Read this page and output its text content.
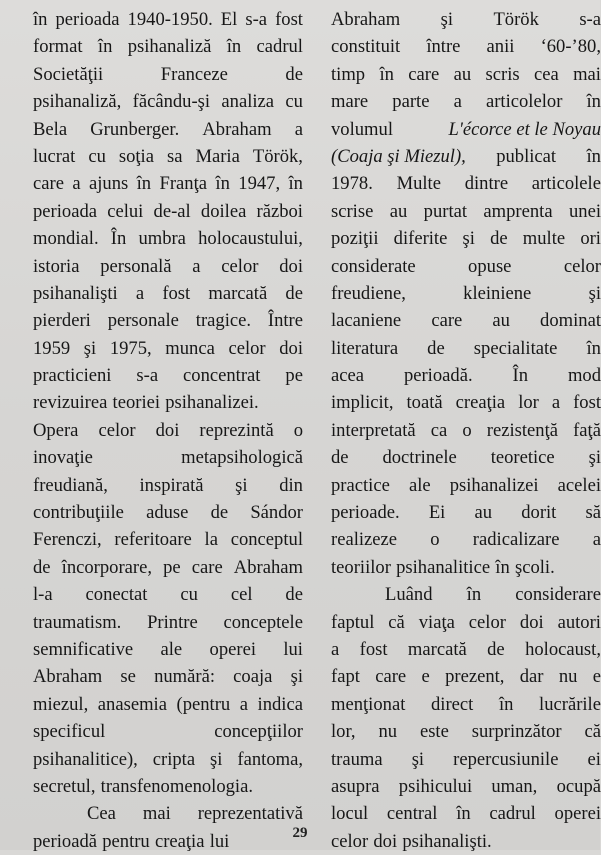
în perioada 1940-1950. El s-a fost
format în psihanaliză în cadrul
Societăţii	Franceze	de
psihanaliză, făcându-şi analiza cu
Bela Grunberger. Abraham a
lucrat cu soţia sa Maria Török,
care a ajuns în Franţa în 1947, în
perioada celui de-al doilea război
mondial. În umbra holocaustului,
istoria personală a celor doi
psihanalişti a fost marcată de
pierderi personale tragice. Între
1959 şi 1975, munca celor doi
practicieni s-a concentrat pe
revizuirea teoriei psihanalizei.
Opera celor doi reprezintă o
inovaţie	metapsihologică
freudiană, inspirată şi din
contribuţiile aduse de Sándor
Ferenczi, referitoare la conceptul
de încorporare, pe care Abraham
l-a conectat cu cel de
traumatism. Printre conceptele
semnificative ale operei lui
Abraham se numără: coaja şi
miezul, anasemia (pentru a indica
specificul	concepţiilor
psihanalitice), cripta şi fantoma,
secretul, transfenomenologia.
Cea mai reprezentativă
perioadă pentru creaţia lui
Abraham şi Török s-a
constituit între anii ‘60-’80,
timp în care au scris cea mai
mare parte a articolelor în
volumul	L'écorce et le Noyau
(Coaja şi Miezul), publicat în
1978. Multe dintre articolele
scrise au purtat amprenta unei
poziţii diferite şi de multe ori
considerate	opuse	celor
freudiene,	kleiniene	şi
lacaniene care au dominat
literatura de specialitate în
acea perioadă. În mod
implicit, toată creaţia lor a fost
interpretată ca o rezistenţă faţă
de doctrinele teoretice şi
practice ale psihanalizei acelei
perioade. Ei au dorit să
realizeze o radicalizare a
teoriilor psihanalitice în şcoli.
Luând în considerare
faptul că viaţa celor doi autori
a fost marcată de holocaust,
fapt care e prezent, dar nu e
menţionat direct în lucrările
lor, nu este surprinzător că
trauma şi repercusiunile ei
asupra psihicului uman, ocupă
locul central în cadrul operei
celor doi psihanalişti.
29
